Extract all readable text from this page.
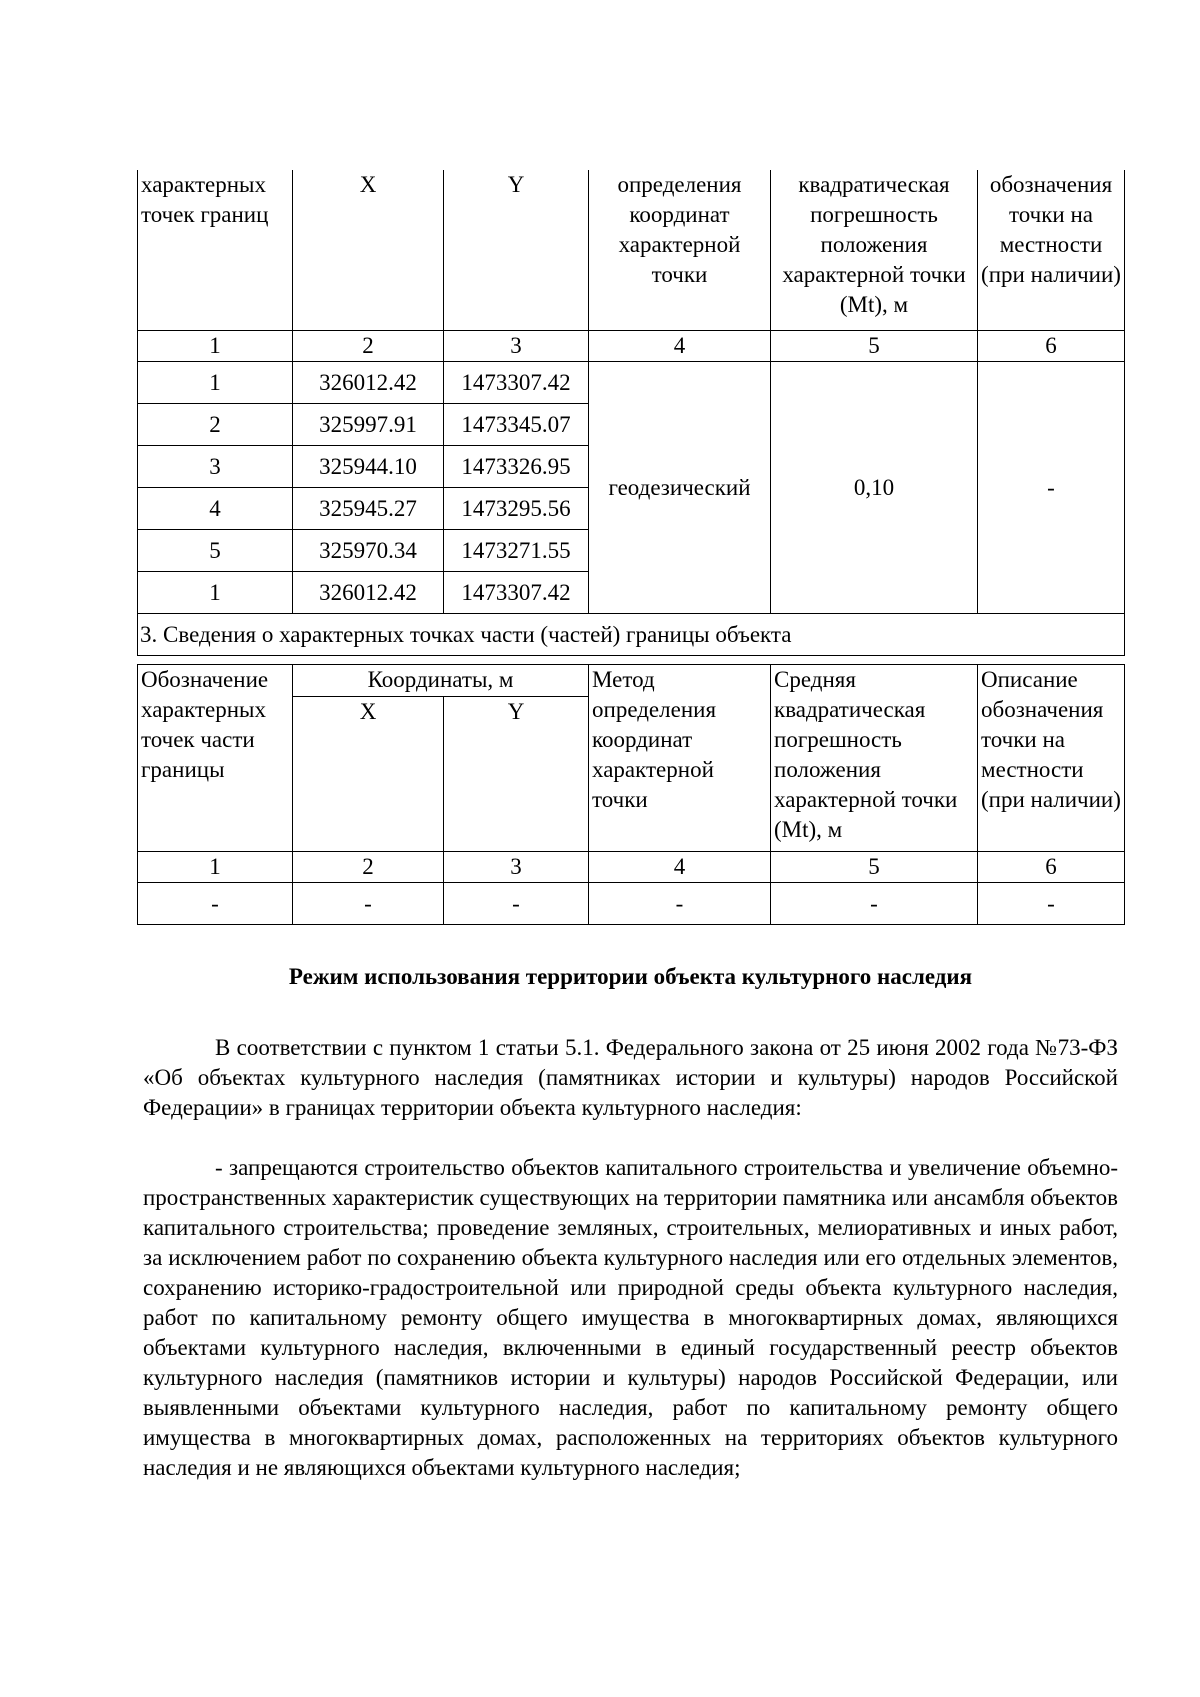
характерных точек границ	X	Y	определения координат характерной точки	квадратическая погрешность положения характерной точки (Mt), м	обозначения точки на местности (при наличии)
1	2	3	4	5	6
1	326012.42	1473307.42	геодезический	0,10	-
2	325997.91	1473345.07			
3	325944.10	1473326.95			
4	325945.27	1473295.56			
5	325970.34	1473271.55			
1	326012.42	1473307.42			
3. Сведения о характерных точках части (частей) границы объекта					
Обозначение характерных точек части границы	Координаты, м		Метод определения координат характерной точки	Средняя квадратическая погрешность положения характерной точки (Mt), м	Описание обозначения точки на местности (при наличии)
	X	Y			
1	2	3	4	5	6
-	-	-	-	-	-
Режим использования территории объекта культурного наследия

В соответствии с пунктом 1 статьи 5.1. Федерального закона от 25 июня 2002 года №73-ФЗ «Об объектах культурного наследия (памятниках истории и культуры) народов Российской Федерации» в границах территории объекта культурного наследия:

- запрещаются строительство объектов капитального строительства и увеличение объемно-пространственных характеристик существующих на территории памятника или ансамбля объектов капитального строительства; проведение земляных, строительных, мелиоративных и иных работ, за исключением работ по сохранению объекта культурного наследия или его отдельных элементов, сохранению историко-градостроительной или природной среды объекта культурного наследия, работ по капитальному ремонту общего имущества в многоквартирных домах, являющихся объектами культурного наследия, включенными в единый государственный реестр объектов культурного наследия (памятников истории и культуры) народов Российской Федерации, или выявленными объектами культурного наследия, работ по капитальному ремонту общего имущества в многоквартирных домах, расположенных на территориях объектов культурного наследия и не являющихся объектами культурного наследия;
